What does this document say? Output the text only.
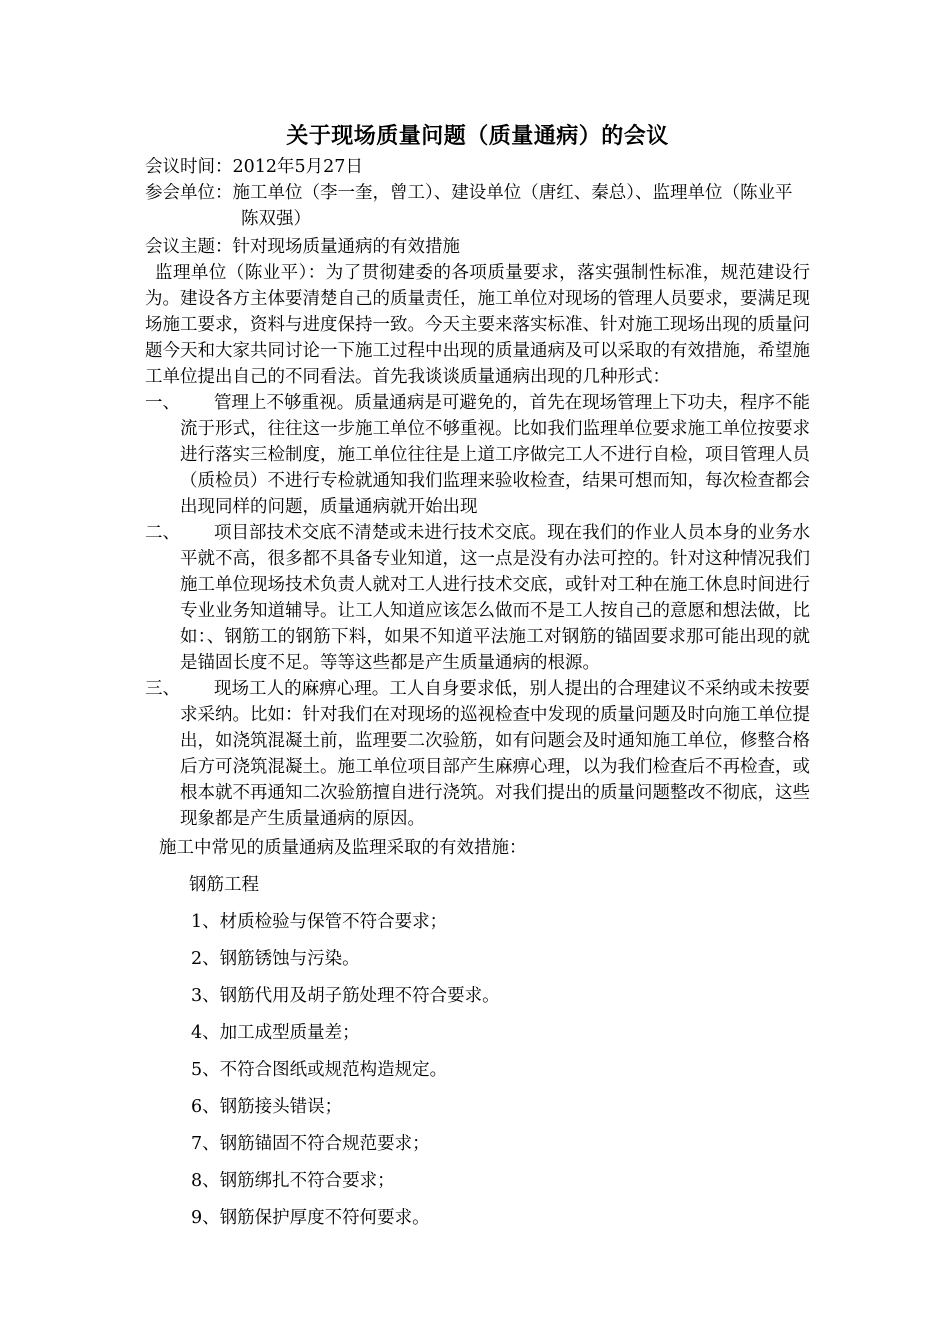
关于现场质量问题（质量通病）的会议
会议时间：2012年5月27日
参会单位：施工单位（李一奎，曾工）、建设单位（唐红、秦总）、监理单位（陈业平
陈双强）
会议主题：针对现场质量通病的有效措施

监理单位（陈业平）：为了贯彻建委的各项质量要求，落实强制性标准，规范建设行为。建设各方主体要清楚自己的质量责任，施工单位对现场的管理人员要求，要满足现场施工要求，资料与进度保持一致。今天主要来落实标准、针对施工现场出现的质量问题今天和大家共同讨论一下施工过程中出现的质量通病及可以采取的有效措施，希望施工单位提出自己的不同看法。首先我谈谈质量通病出现的几种形式：

一、	管理上不够重视。质量通病是可避免的，首先在现场管理上下功夫，程序不能流于形式，往往这一步施工单位不够重视。比如我们监理单位要求施工单位按要求进行落实三检制度，施工单位往往是上道工序做完工人不进行自检，项目管理人员（质检员）不进行专检就通知我们监理来验收检查，结果可想而知，每次检查都会出现同样的问题，质量通病就开始出现
二、	项目部技术交底不清楚或未进行技术交底。现在我们的作业人员本身的业务水平就不高，很多都不具备专业知道，这一点是没有办法可控的。针对这种情况我们施工单位现场技术负责人就对工人进行技术交底，或针对工种在施工休息时间进行专业业务知道辅导。让工人知道应该怎么做而不是工人按自己的意愿和想法做，比如：、钢筋工的钢筋下料，如果不知道平法施工对钢筋的锚固要求那可能出现的就是锚固长度不足。等等这些都是产生质量通病的根源。
三、	现场工人的麻痹心理。工人自身要求低，别人提出的合理建议不采纳或未按要求采纳。比如：针对我们在对现场的巡视检查中发现的质量问题及时向施工单位提出，如浇筑混凝土前，监理要二次验筋，如有问题会及时通知施工单位，修整合格后方可浇筑混凝土。施工单位项目部产生麻痹心理，以为我们检查后不再检查，或根本就不再通知二次验筋擅自进行浇筑。对我们提出的质量问题整改不彻底，这些现象都是产生质量通病的原因。
施工中常见的质量通病及监理采取的有效措施：
钢筋工程
1、材质检验与保管不符合要求；
2、钢筋锈蚀与污染。
3、钢筋代用及胡子筋处理不符合要求。
4、加工成型质量差；
5、不符合图纸或规范构造规定。
6、钢筋接头错误；
7、钢筋锚固不符合规范要求；
8、钢筋绑扎不符合要求；
9、钢筋保护厚度不符何要求。
